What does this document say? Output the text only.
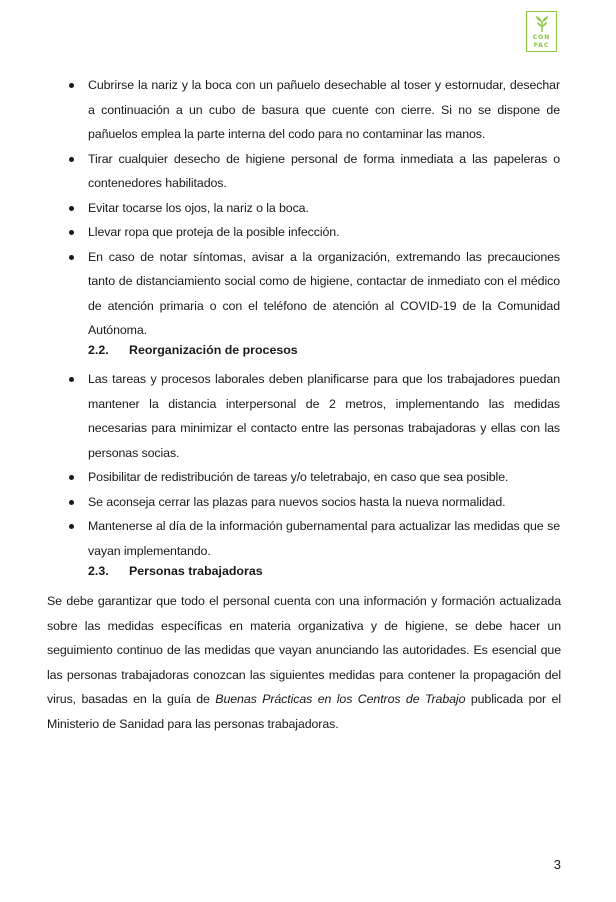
CON
FAC
Cubrirse la nariz y la boca con un pañuelo desechable al toser y estornudar, desechar a continuación a un cubo de basura que cuente con cierre. Si no se dispone de pañuelos emplea la parte interna del codo para no contaminar las manos.
Tirar cualquier desecho de higiene personal de forma inmediata a las papeleras o contenedores habilitados.
Evitar tocarse los ojos, la nariz o la boca.
Llevar ropa que proteja de la posible infección.
En caso de notar síntomas, avisar a la organización, extremando las precauciones tanto de distanciamiento social como de higiene, contactar de inmediato con el médico de atención primaria o con el teléfono de atención al COVID-19 de la Comunidad Autónoma.
2.2. Reorganización de procesos
Las tareas y procesos laborales deben planificarse para que los trabajadores puedan mantener la distancia interpersonal de 2 metros, implementando las medidas necesarias para minimizar el contacto entre las personas trabajadoras y ellas con las personas socias.
Posibilitar de redistribución de tareas y/o teletrabajo, en caso que sea posible.
Se aconseja cerrar las plazas para nuevos socios hasta la nueva normalidad.
Mantenerse al día de la información gubernamental para actualizar las medidas que se vayan implementando.
2.3. Personas trabajadoras

Se debe garantizar que todo el personal cuenta con una información y formación actualizada sobre las medidas específicas en materia organizativa y de higiene, se debe hacer un seguimiento continuo de las medidas que vayan anunciando las autoridades. Es esencial que las personas trabajadoras conozcan las siguientes medidas para contener la propagación del virus, basadas en la guía de Buenas Prácticas en los Centros de Trabajo publicada por el Ministerio de Sanidad para las personas trabajadoras.

3
